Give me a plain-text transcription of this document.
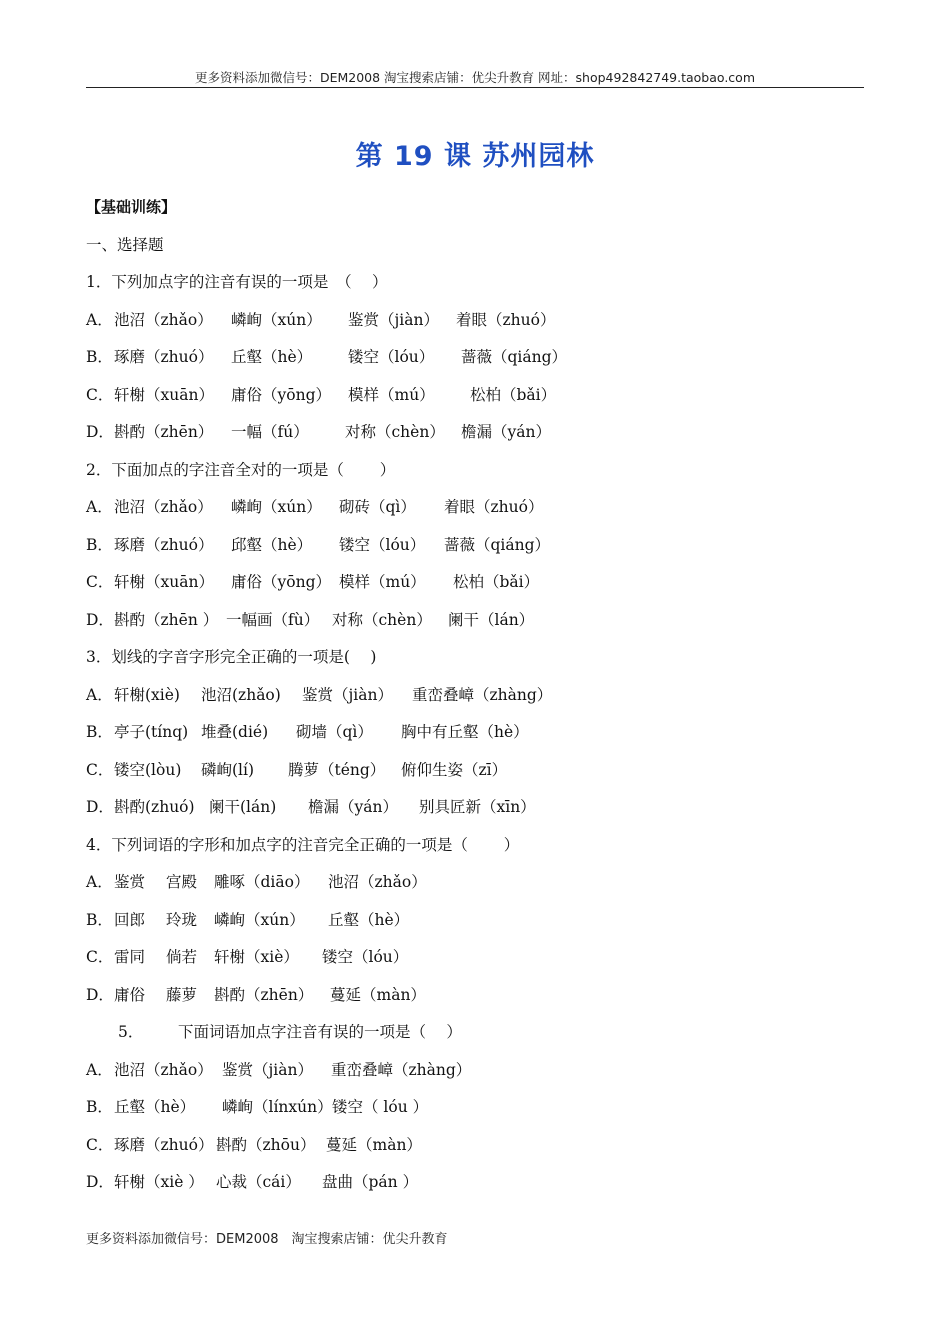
更多资料添加微信号：DEM2008 淘宝搜索店铺：优尖升教育 网址：shop492842749.taobao.com
第 19 课 苏州园林
【基础训练】
一、选择题
1．下列加点字的注音有误的一项是　（　 ）
A． 池沼（zhǎo） 嶙峋（xún） 鉴赏（jiàn） 着眼（zhuó）
B． 琢磨（zhuó） 丘壑（hè） 镂空（lóu） 蔷薇（qiáng）
C． 轩榭（xuān） 庸俗（yōng） 模样（mú） 松柏（bǎi）
D． 斟酌（zhēn） 一幅（fú） 对称（chèn） 檐漏（yán）
2．下面加点的字注音全对的一项是（　　 ）
A． 池沼（zhǎo） 嶙峋（xún） 砌砖（qì） 着眼（zhuó）
B． 琢磨（zhuó） 邱壑（hè） 镂空（lóu） 蔷薇（qiáng）
C． 轩榭（xuān） 庸俗（yōng） 模样（mú） 松柏（bǎi）
D． 斟酌（zhēn ） 一幅画（fù） 对称（chèn） 阑干（lán）
3．划线的字音字形完全正确的一项是(　 )
A． 轩榭(xiè) 池沼(zhǎo) 鉴赏（jiàn） 重峦叠嶂（zhàng）
B． 亭子(tínq) 堆叠(dié) 砌墙（qì） 胸中有丘壑（hè）
C． 镂空(lòu) 磷峋(lí) 腾萝（téng） 俯仰生姿（zī）
D． 斟酌(zhuó) 阑干(lán) 檐漏（yán） 别具匠新（xīn）
4．下列词语的字形和加点字的注音完全正确的一项是（　　 ）
A． 鉴赏 宫殿 雕啄（diāo） 池沼（zhǎo）
B． 回郎 玲珑 嶙峋（xún） 丘壑（hè）
C． 雷同 倘若 轩榭（xiè） 镂空（lóu）
D． 庸俗 藤萝 斟酌（zhēn） 蔓延（màn）
5． 下面词语加点字注音有误的一项是（　 ）
A． 池沼（zhǎo） 鉴赏（jiàn） 重峦叠嶂（zhàng）
B． 丘壑（hè） 嶙峋（línxún） 镂空（ lóu ）
C． 琢磨（zhuó） 斟酌（zhōu） 蔓延（màn）
D． 轩榭（xiè ） 心裁（cái） 盘曲（pán ）
更多资料添加微信号：DEM2008　淘宝搜索店铺：优尖升教育
